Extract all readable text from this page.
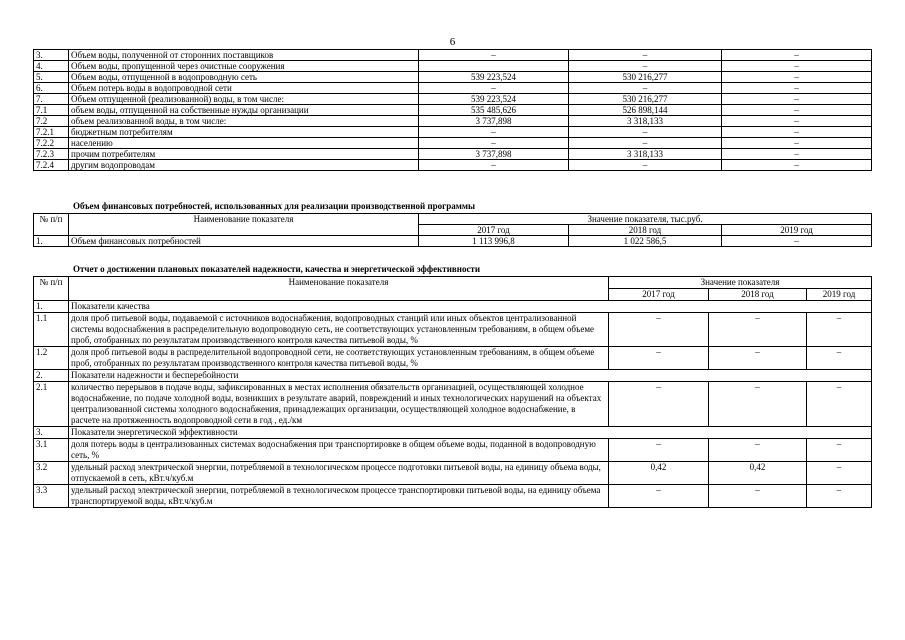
6
3.	Объем воды, полученной от сторонних поставщиков	–	–	–
4.	Объем воды, пропущенной через очистные сооружения		–	–
5.	Объем воды, отпущенной в водопроводную сеть	539 223,524	530 216,277	–
6.	Объем потерь воды в водопроводной сети	–	–	–
7.	Объем отпущенной (реализованной) воды, в том числе:	539 223,524	530 216,277	–
7.1	объем воды, отпущенной на собственные нужды организации	535 485,626	526 898,144	–
7.2	объем реализованной воды, в том числе:	3 737,898	3 318,133	–
7.2.1	бюджетным потребителям	–	–	–
7.2.2	населению	–	–	–
7.2.3	прочим потребителям	3 737,898	3 318,133	–
7.2.4	другим водопроводам	–	–	–
Объем финансовых потребностей, использованных для реализации производственной программы
№ п/п	Наименование показателя	Значение показателя, тыс.руб.		
		2017 год	2018 год	2019 год
1.	Объем финансовых потребностей	1 113 996,8	1 022 586,5	–
Отчет о достижении плановых показателей надежности, качества и энергетической эффективности
№ п/п	Наименование показателя	Значение показателя		
		2017 год	2018 год	2019 год
1.	Показатели качества			
1.1	доля проб питьевой воды, подаваемой с источников водоснабжения, водопроводных станций или иных объектов централизованной системы водоснабжения в распределительную водопроводную сеть, не соответствующих установленным требованиям, в общем объеме проб, отобранных по результатам производственного контроля качества питьевой воды, %	–	–	–
1.2	доля проб питьевой воды в распределительной водопроводной сети, не соответствующих установленным требованиям, в общем объеме проб, отобранных по результатам производственного контроля качества питьевой воды, %	–	–	–
2.	Показатели надежности и бесперебойности			
2.1	количество перерывов в подаче воды, зафиксированных в местах исполнения обязательств организацией, осуществляющей холодное водоснабжение, по подаче холодной воды, возникших в результате аварий, повреждений и иных технологических нарушений на объектах централизованной системы холодного водоснабжения, принадлежащих организации, осуществляющей холодное водоснабжение, в расчете на протяженность водопроводной сети в год , ед./км	–	–	–
3.	Показатели энергетической эффективности			
3.1	доля потерь воды в централизованных системах водоснабжения при транспортировке в общем объеме воды, поданной в водопроводную сеть, %	–	–	–
3.2	удельный расход электрической энергии, потребляемой в технологическом процессе подготовки питьевой воды, на единицу объема воды, отпускаемой в сеть, кВт.ч/куб.м	0,42	0,42	–
3.3	удельный расход электрической энергии, потребляемой в технологическом процессе транспортировки питьевой воды, на единицу объема транспортируемой воды, кВт.ч/куб.м	–	–	–
